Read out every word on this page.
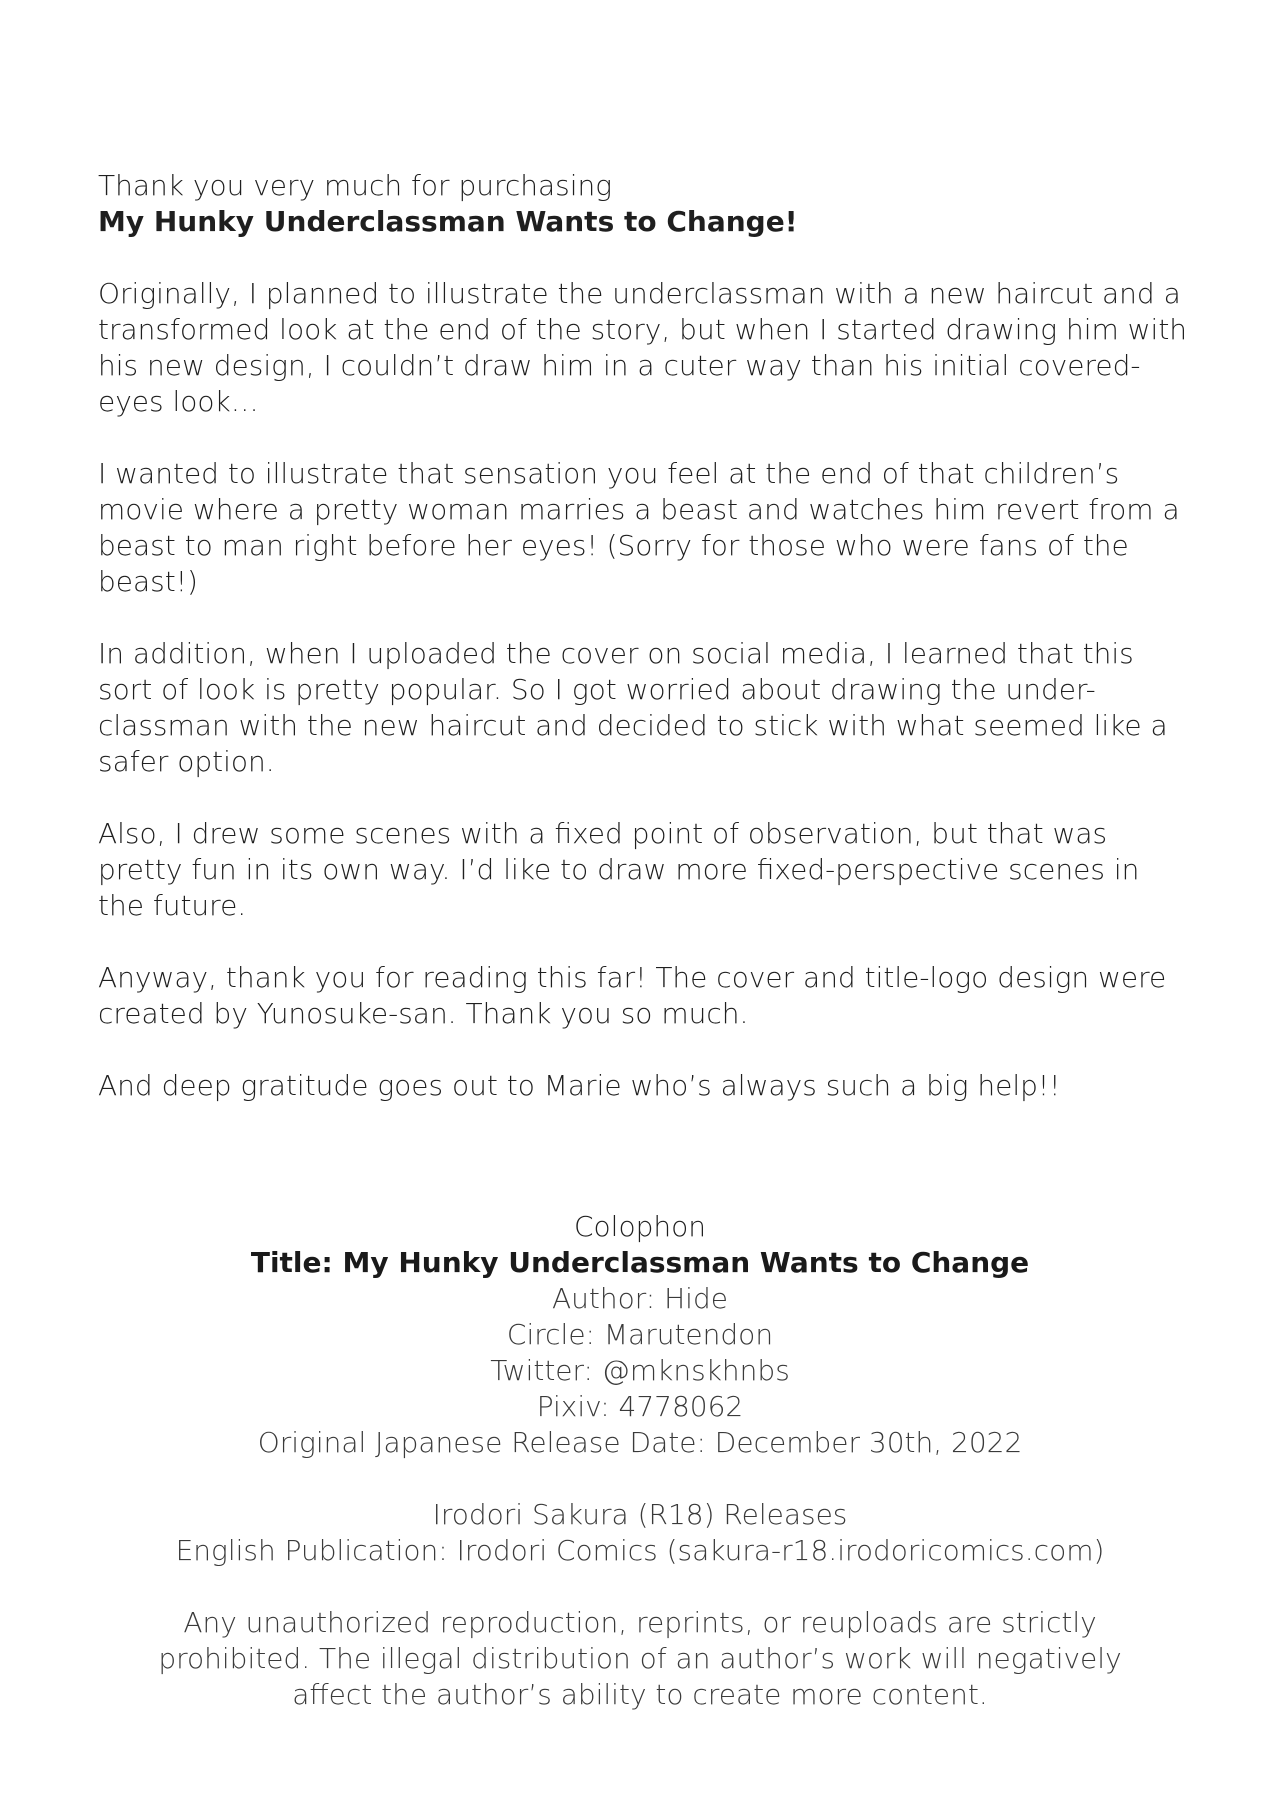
Thank you very much for purchasing
My Hunky Underclassman Wants to Change!

Originally, I planned to illustrate the underclassman with a new haircut and a transformed look at the end of the story, but when I started drawing him with his new design, I couldn’t draw him in a cuter way than his initial covered-eyes look…

I wanted to illustrate that sensation you feel at the end of that children’s movie where a pretty woman marries a beast and watches him revert from a beast to man right before her eyes! (Sorry for those who were fans of the beast!)

In addition, when I uploaded the cover on social media, I learned that this sort of look is pretty popular. So I got worried about drawing the under-classman with the new haircut and decided to stick with what seemed like a safer option.

Also, I drew some scenes with a fixed point of observation, but that was pretty fun in its own way. I’d like to draw more fixed-perspective scenes in the future.

Anyway, thank you for reading this far! The cover and title-logo design were created by Yunosuke-san. Thank you so much.

And deep gratitude goes out to Marie who’s always such a big help!!

Colophon
Title: My Hunky Underclassman Wants to Change
Author: Hide
Circle: Marutendon
Twitter: @mknskhnbs
Pixiv: 4778062
Original Japanese Release Date: December 30th, 2022
Irodori Sakura (R18) Releases
English Publication: Irodori Comics (sakura-r18.irodoricomics.com)
Any unauthorized reproduction, reprints, or reuploads are strictly prohibited. The illegal distribution of an author’s work will negatively affect the author’s ability to create more content.
